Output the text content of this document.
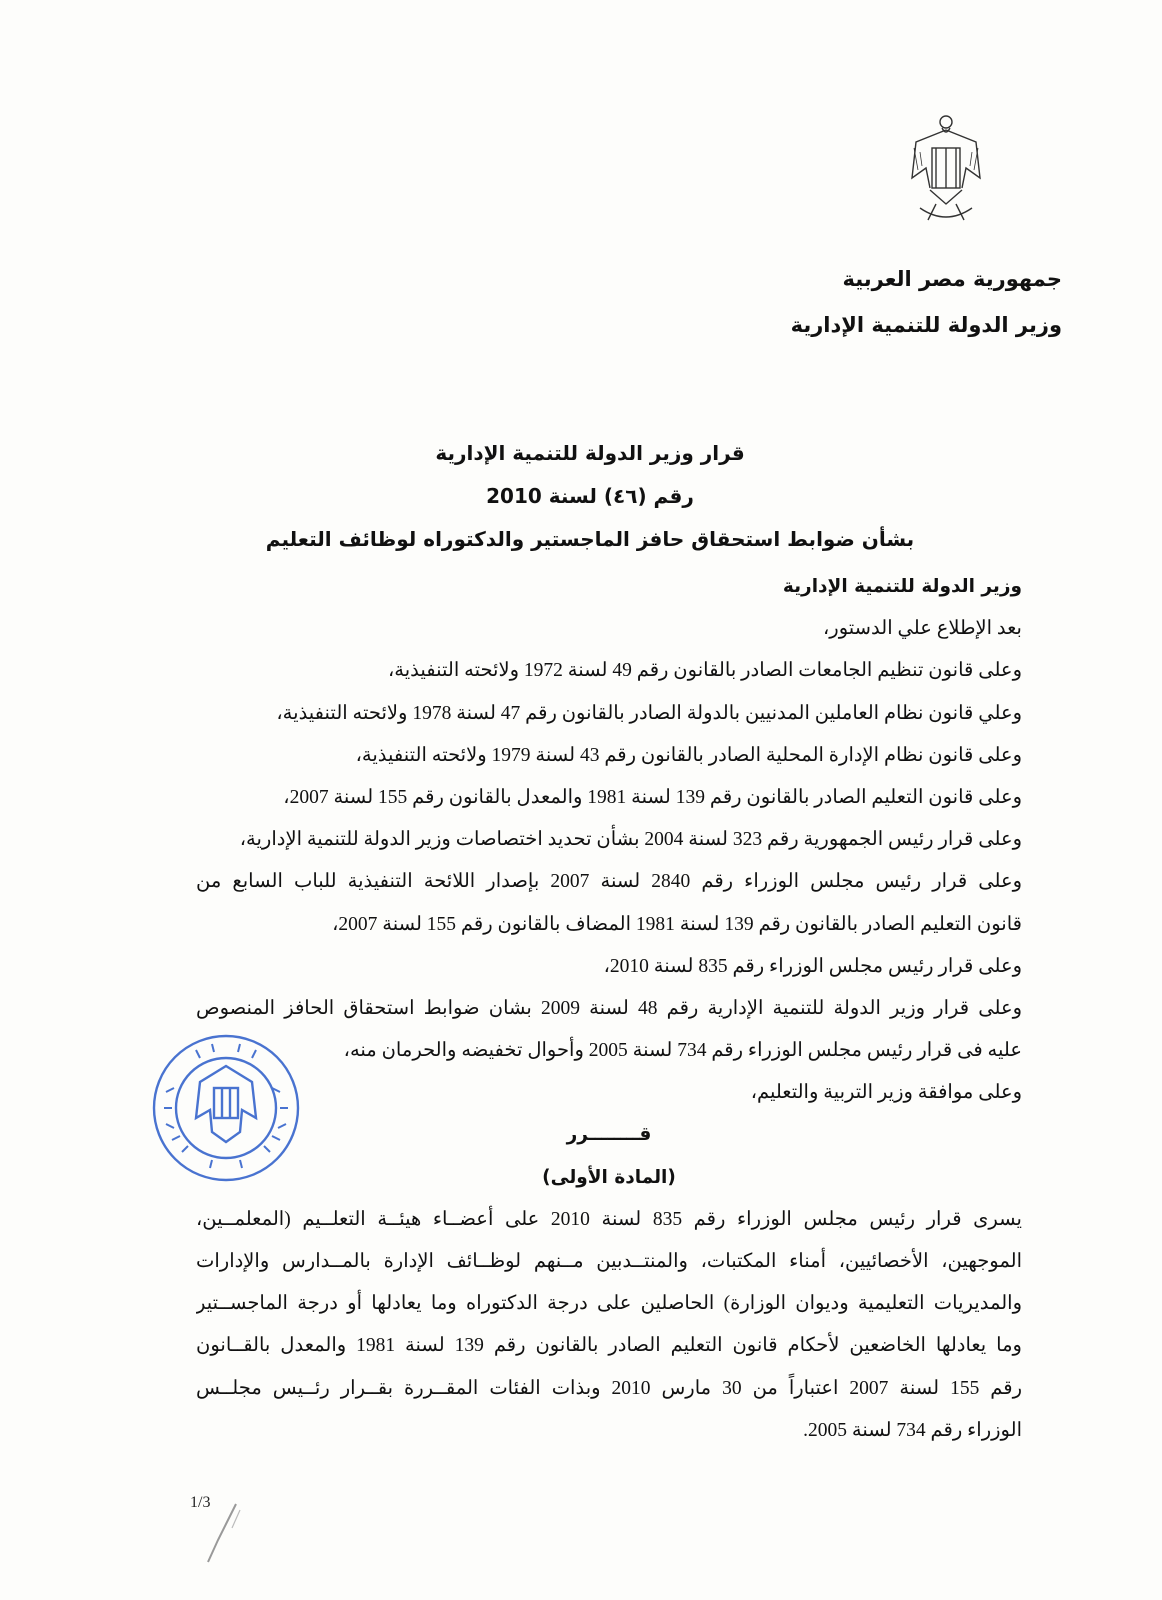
جمهورية مصر العربية
وزير الدولة للتنمية الإدارية
قرار وزير الدولة للتنمية الإدارية
رقم (٤٦) لسنة 2010
بشأن ضوابط استحقاق حافز الماجستير والدكتوراه لوظائف التعليم
وزير الدولة للتنمية الإدارية
بعد الإطلاع علي الدستور،
وعلى قانون تنظيم الجامعات الصادر بالقانون رقم 49 لسنة 1972 ولائحته التنفيذية،
وعلي قانون نظام العاملين المدنيين بالدولة الصادر بالقانون رقم 47 لسنة 1978 ولائحته التنفيذية،
وعلى قانون نظام الإدارة المحلية الصادر بالقانون رقم 43 لسنة 1979 ولائحته التنفيذية،
وعلى قانون التعليم الصادر بالقانون رقم 139 لسنة 1981 والمعدل بالقانون رقم 155 لسنة 2007،
وعلى قرار رئيس الجمهورية رقم 323 لسنة 2004 بشأن تحديد اختصاصات وزير الدولة للتنمية الإدارية،
وعلى قرار رئيس مجلس الوزراء رقم 2840 لسنة 2007 بإصدار اللائحة التنفيذية للباب السابع من
قانون التعليم الصادر بالقانون رقم 139 لسنة 1981 المضاف بالقانون رقم 155 لسنة 2007،
وعلى قرار رئيس مجلس الوزراء رقم 835 لسنة 2010،
وعلى قرار وزير الدولة للتنمية الإدارية رقم 48 لسنة 2009 بشان ضوابط استحقاق الحافز المنصوص
عليه فى قرار رئيس مجلس الوزراء رقم 734 لسنة 2005 وأحوال تخفيضه والحرمان منه،
وعلى موافقة وزير التربية والتعليم،
قــــــــرر
(المادة الأولى)
يسرى قرار رئيس مجلس الوزراء رقم 835 لسنة 2010 على أعضــاء هيئــة التعلــيم (المعلمــين،
الموجهين، الأخصائيين، أمناء المكتبات، والمنتــدبين مــنهم لوظــائف الإدارة بالمــدارس والإدارات
والمديريات التعليمية وديوان الوزارة) الحاصلين على درجة الدكتوراه وما يعادلها أو درجة الماجســتير
وما يعادلها الخاضعين لأحكام قانون التعليم الصادر بالقانون رقم 139 لسنة 1981 والمعدل بالقــانون
رقم 155 لسنة 2007 اعتباراً من 30 مارس 2010 وبذات الفئات المقــررة بقــرار رئــيس مجلــس
الوزراء رقم 734 لسنة 2005.
1/3
